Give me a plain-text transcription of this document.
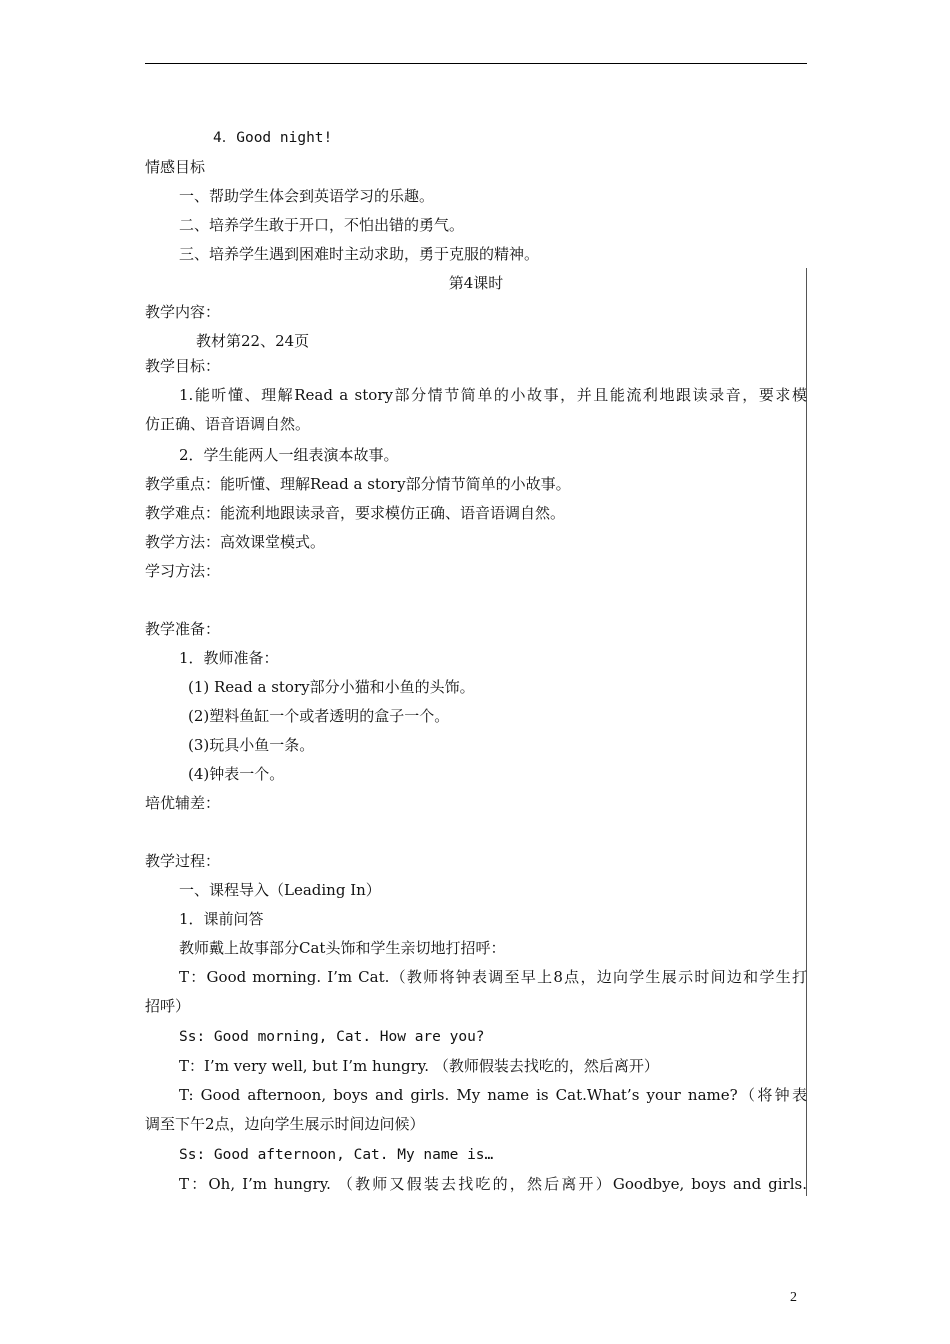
4．Good night!
情感目标
一、帮助学生体会到英语学习的乐趣。
二、培养学生敢于开口，不怕出错的勇气。
三、培养学生遇到困难时主动求助，勇于克服的精神。
第4课时
教学内容：
教材第22、24页
教学目标：
1.能听懂、理解Read a story部分情节简单的小故事，并且能流利地跟读录音，要求模
仿正确、语音语调自然。
2．学生能两人一组表演本故事。
教学重点：能听懂、理解Read a story部分情节简单的小故事。
教学难点：能流利地跟读录音，要求模仿正确、语音语调自然。
教学方法：高效课堂模式。
学习方法：
教学准备：
1．教师准备：
(1) Read a story部分小猫和小鱼的头饰。
(2)塑料鱼缸一个或者透明的盒子一个。
(3)玩具小鱼一条。
(4)钟表一个。
培优辅差：
教学过程：
一、课程导入（Leading In）
1．课前问答
教师戴上故事部分Cat头饰和学生亲切地打招呼：
T：Good morning. I’m Cat.（教师将钟表调至早上8点，边向学生展示时间边和学生打
招呼）
Ss: Good morning, Cat. How are you?
T：I’m very well, but I’m hungry. （教师假装去找吃的，然后离开）
T: Good afternoon, boys and girls. My name is Cat.What’s your name?（将钟表
调至下午2点，边向学生展示时间边问候）
Ss: Good afternoon, Cat. My name is…
T：Oh, I’m hungry. （教师又假装去找吃的，然后离开）Goodbye, boys and girls.
2
